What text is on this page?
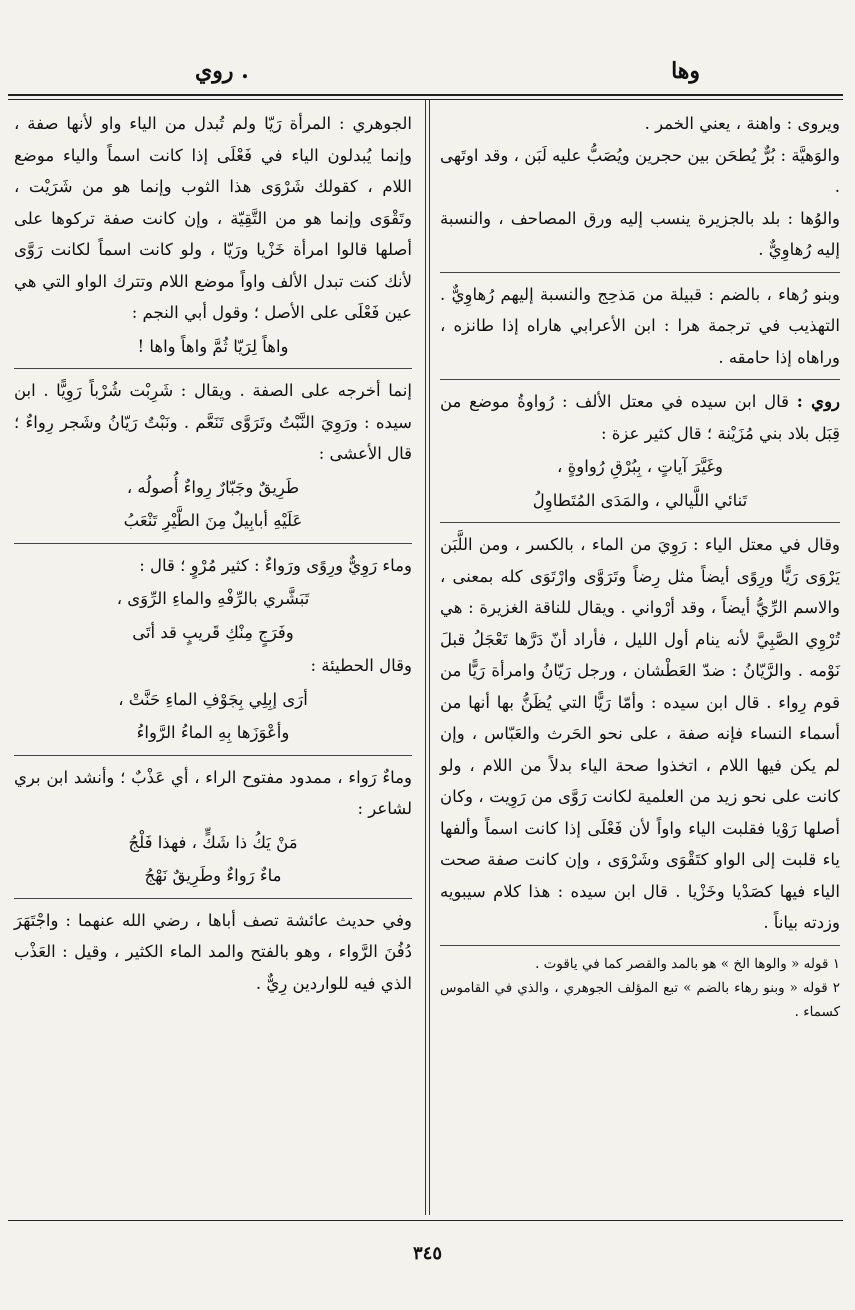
وها
روي .

ويروى : واهنة ، يعني الخمر .

والوَهيَّة : بُرٌّ يُطحَن بين حجرين ويُصَبُّ عليه لَبَن ، وقد اوتَهى .

والوُها : بلد بالجزيرة ينسب إليه ورق المصاحف ، والنسبة إليه رُهاوِيٌّ .

وبنو رُهاء ، بالضم : قبيلة من مَذحِج والنسبة إليهم رُهاوِيٌّ . التهذيب في ترجمة هرا : ابن الأعرابي هاراه إذا طانزه ، وراهاه إذا حامقه .

روي : قال ابن سيده في معتل الألف : رُواوةُ موضع من قِبَل بلاد بني مُزَيْنة ؛ قال كثير عزة :

وغَيَّرَ آياتٍ ، بِبُرْقِ رُواوةٍ ،

تَنائي اللَّيالي ، والمَدَى المُتَطاوِلُ

وقال في معتل الياء : رَوِيَ من الماء ، بالكسر ، ومن اللَّبَن يَرْوَى رَيًّا ورِوًى أيضاً مثل رِضاً وتَرَوَّى وارْتَوَى كله بمعنى ، والاسم الرِّيُّ أيضاً ، وقد أرْواني . ويقال للناقة الغزيرة : هي تُرْوِي الصَّبِيَّ لأنه ينام أول الليل ، فأراد أنّ دَرَّها تَعْجَلُ قبلَ نَوْمه . والرَّيّانُ : ضدّ العَطْشان ، ورجل رَيّانُ وامرأة رَيًّا من قوم رِواء . قال ابن سيده : وأمّا رَيًّا التي يُظَنُّ بها أنها من أسماء النساء فإنه صفة ، على نحو الحَرث والعَبّاس ، وإن لم يكن فيها اللام ، اتخذوا صحة الياء بدلاً من اللام ، ولو كانت على نحو زيد من العلمية لكانت رَوَّى من رَوِيت ، وكان أصلها رَوْيا فقلبت الياء واواً لأن فَعْلَى إذا كانت اسماً وألفها ياء قلبت إلى الواو كتَقْوَى وشَرْوَى ، وإن كانت صفة صحت الياء فيها كصَدْيا وخَزْيا . قال ابن سيده : هذا كلام سيبويه وزدته بياناً .

١ قوله « والوها الخ » هو بالمد والقصر كما في ياقوت .

٢ قوله « وبنو رهاء بالضم » تبع المؤلف الجوهري ، والذي في القاموس كسماء .

الجوهري : المرأة رَيّا ولم تُبدل من الياء واو لأنها صفة ، وإنما يُبدلون الياء في فَعْلَى إذا كانت اسماً والياء موضع اللام ، كقولك شَرْوَى هذا الثوب وإنما هو من شَرَيْت ، وتَقْوَى وإنما هو من التَّقِيّة ، وإن كانت صفة تركوها على أصلها قالوا امرأة خَزْيا ورَيّا ، ولو كانت اسماً لكانت رَوَّى لأنك كنت تبدل الألف واواً موضع اللام وتترك الواو التي هي عين فَعْلَى على الأصل ؛ وقول أبي النجم :

واهاً لِرَيّا ثُمَّ واهاً واها !

إنما أخرجه على الصفة . ويقال : شَرِبْت شُرْباً رَوِيًّا . ابن سيده : ورَوِيَ النَّبْتُ وتَرَوَّى تَنَعَّم . ونَبْتٌ رَيّانُ وشَجر رِواءٌ ؛ قال الأعشى :

طَرِيقٌ وجَبّارٌ رِواءٌ أُصولُه ،

عَلَيْهِ أبابِيلٌ مِنَ الطَّيْرِ تَنْعَبُ

وماء رَوِيٌّ ورِوًى ورَواءٌ : كثير مُرْوٍ ؛ قال :

تَبَشَّري بالرِّفْهِ والماءِ الرِّوَى ،

وفَرَجٍ مِنْكِ قَريبٍ قد أتَى

وقال الحطيئة :

أرَى إبِلِي بِجَوْفِ الماءِ حَنَّتْ ،

وأعْوَزَها بِهِ الماءُ الرَّواءُ

وماءٌ رَواء ، ممدود مفتوح الراء ، أي عَذْبٌ ؛ وأنشد ابن بري لشاعر :

مَنْ يَكُ ذا شَكٍّ ، فهذا فَلْجُ

ماءٌ رَواءٌ وطَرِيقٌ نَهْجُ

وفي حديث عائشة تصف أباها ، رضي الله عنهما : واجْتَهَرَ دُفُنَ الرَّواء ، وهو بالفتح والمد الماء الكثير ، وقيل : العَذْب الذي فيه للواردين رِيٌّ .

٣٤٥
